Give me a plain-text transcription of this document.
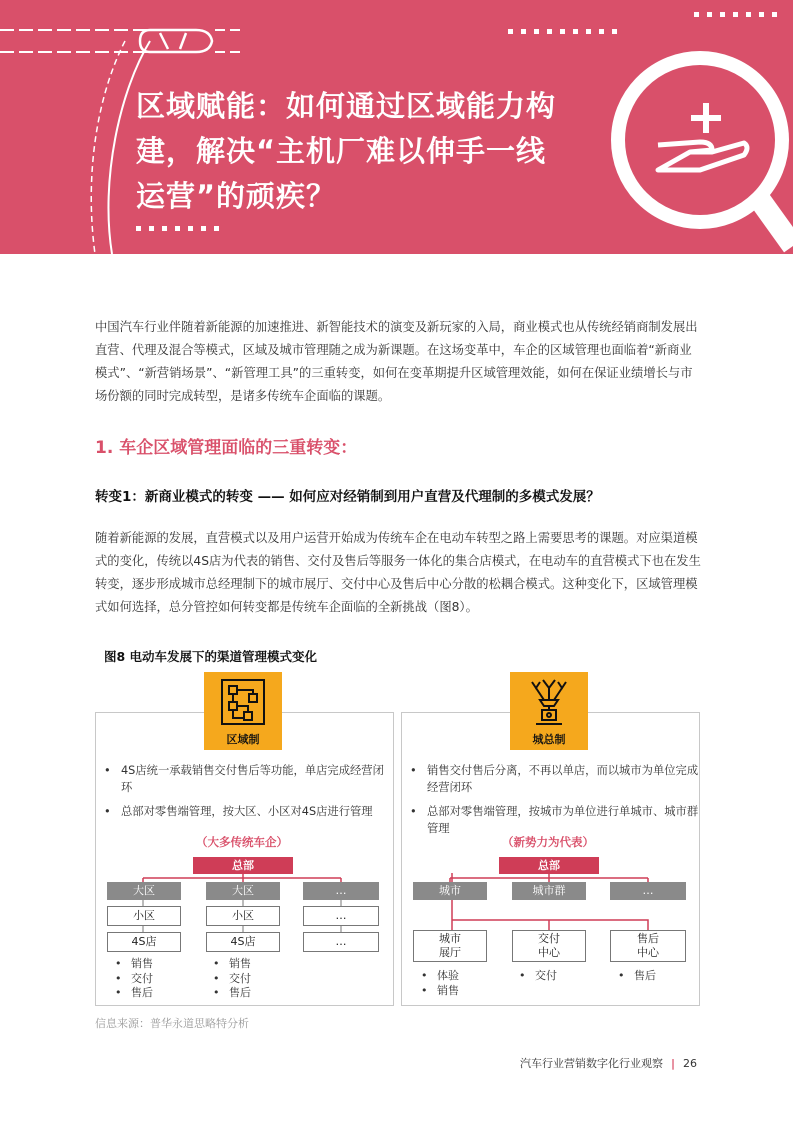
区域赋能：如何通过区域能力构
建，解决“主机厂难以伸手一线
运营”的顽疾？

中国汽车行业伴随着新能源的加速推进、新智能技术的演变及新玩家的入局，商业模式也从传统经销商制发展出直营、代理及混合等模式，区域及城市管理随之成为新课题。在这场变革中，车企的区域管理也面临着“新商业模式”、“新营销场景”、“新管理工具”的三重转变，如何在变革期提升区域管理效能，如何在保证业绩增长与市场份额的同时完成转型，是诸多传统车企面临的课题。

1. 车企区域管理面临的三重转变：
转变1：新商业模式的转变 —— 如何应对经销制到用户直营及代理制的多模式发展？

随着新能源的发展，直营模式以及用户运营开始成为传统车企在电动车转型之路上需要思考的课题。对应渠道模式的变化，传统以4S店为代表的销售、交付及售后等服务一体化的集合店模式，在电动车的直营模式下也在发生转变，逐步形成城市总经理制下的城市展厅、交付中心及售后中心分散的松耦合模式。这种变化下，区域管理模式如何选择，总分管控如何转变都是传统车企面临的全新挑战（图8）。

图8 电动车发展下的渠道管理模式变化
区域制	城总制
• 4S店统一承载销售交付售后等功能，单店完成经营闭环
• 总部对零售端管理，按大区、小区对4S店进行管理
• 销售交付售后分离，不再以单店，而以城市为单位完成经营闭环
• 总部对零售端管理，按城市为单位进行单城市、城市群管理
（大多传统车企）	（新势力为代表）
总部
大区	大区	…
小区	小区	…
4S店	4S店	…
• 销售
• 交付
• 售后
• 销售
• 交付
• 售后
总部
城市	城市群	…
城市
展厅
交付
中心
售后
中心
• 体验
• 销售
• 交付
•	售后
信息来源：普华永道思略特分析
汽车行业营销数字化行业观察 | 26
